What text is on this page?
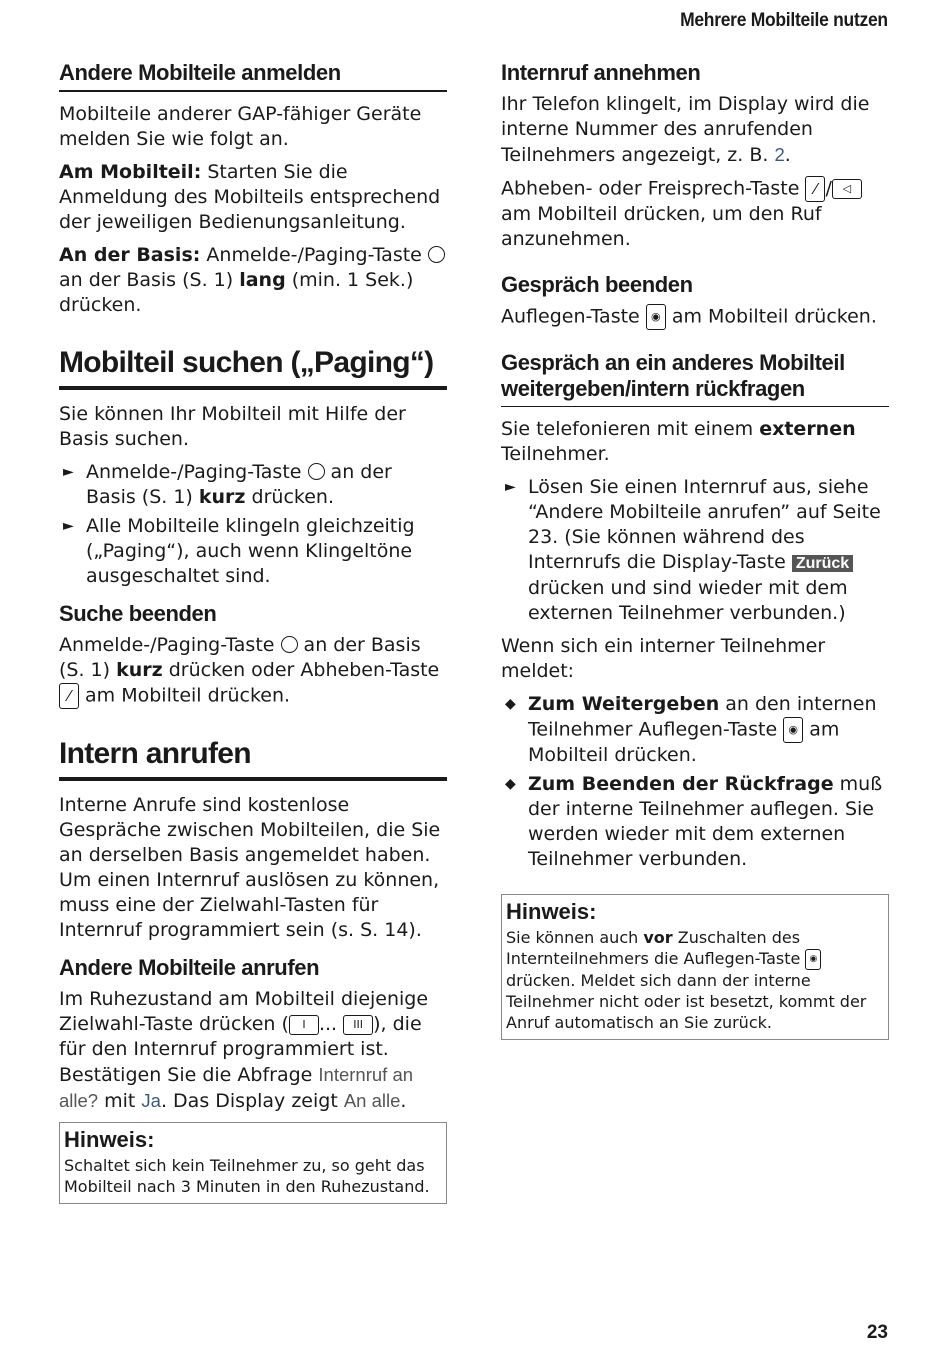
Mehrere Mobilteile nutzen
Andere Mobilteile anmelden

Mobilteile anderer GAP-fähiger Geräte melden Sie wie folgt an.

Am Mobilteil: Starten Sie die Anmeldung des Mobilteils entsprechend der jeweiligen Bedienungsanleitung.

An der Basis: Anmelde-/Paging-Taste  an der Basis (S. 1) lang (min. 1 Sek.) drücken.

Mobilteil suchen („Paging“)

Sie können Ihr Mobilteil mit Hilfe der Basis suchen.

► Anmelde-/Paging-Taste  an der Basis (S. 1) kurz drücken.
► Alle Mobilteile klingeln gleichzeitig („Paging“), auch wenn Klingeltöne ausgeschaltet sind.
Suche beenden

Anmelde-/Paging-Taste  an der Basis (S. 1) kurz drücken oder Abheben-Taste ⁄ am Mobilteil drücken.

Intern anrufen

Interne Anrufe sind kostenlose Gespräche zwischen Mobilteilen, die Sie an derselben Basis angemeldet haben. Um einen Internruf auslösen zu können, muss eine der Zielwahl-Tasten für Internruf programmiert sein (s. S. 14).

Andere Mobilteile anrufen

Im Ruhezustand am Mobilteil diejenige Zielwahl-Taste drücken ( I ... III ), die für den Internruf programmiert ist. Bestätigen Sie die Abfrage Internruf an alle? mit Ja. Das Display zeigt An alle.

Hinweis:
Schaltet sich kein Teilnehmer zu, so geht das Mobilteil nach 3 Minuten in den Ruhezustand.
Internruf annehmen

Ihr Telefon klingelt, im Display wird die interne Nummer des anrufenden Teilnehmers angezeigt, z. B. 2.

Abheben- oder Freisprech-Taste ⁄ / ◁ am Mobilteil drücken, um den Ruf anzunehmen.

Gespräch beenden

Auflegen-Taste ◉ am Mobilteil drücken.

Gespräch an ein anderes Mobilteil weitergeben/intern rückfragen

Sie telefonieren mit einem externen Teilnehmer.

► Lösen Sie einen Internruf aus, siehe “Andere Mobilteile anrufen” auf Seite 23. (Sie können während des Internrufs die Display-Taste Zurück drücken und sind wieder mit dem externen Teilnehmer verbunden.)

Wenn sich ein interner Teilnehmer meldet:

◆ Zum Weitergeben an den internen Teilnehmer Auflegen-Taste ◉ am Mobilteil drücken.
◆ Zum Beenden der Rückfrage muß der interne Teilnehmer auflegen. Sie werden wieder mit dem externen Teilnehmer verbunden.
Hinweis:
Sie können auch vor Zuschalten des Internteilnehmers die Auflegen-Taste ◉ drücken. Meldet sich dann der interne Teilnehmer nicht oder ist besetzt, kommt der Anruf automatisch an Sie zurück.
23
